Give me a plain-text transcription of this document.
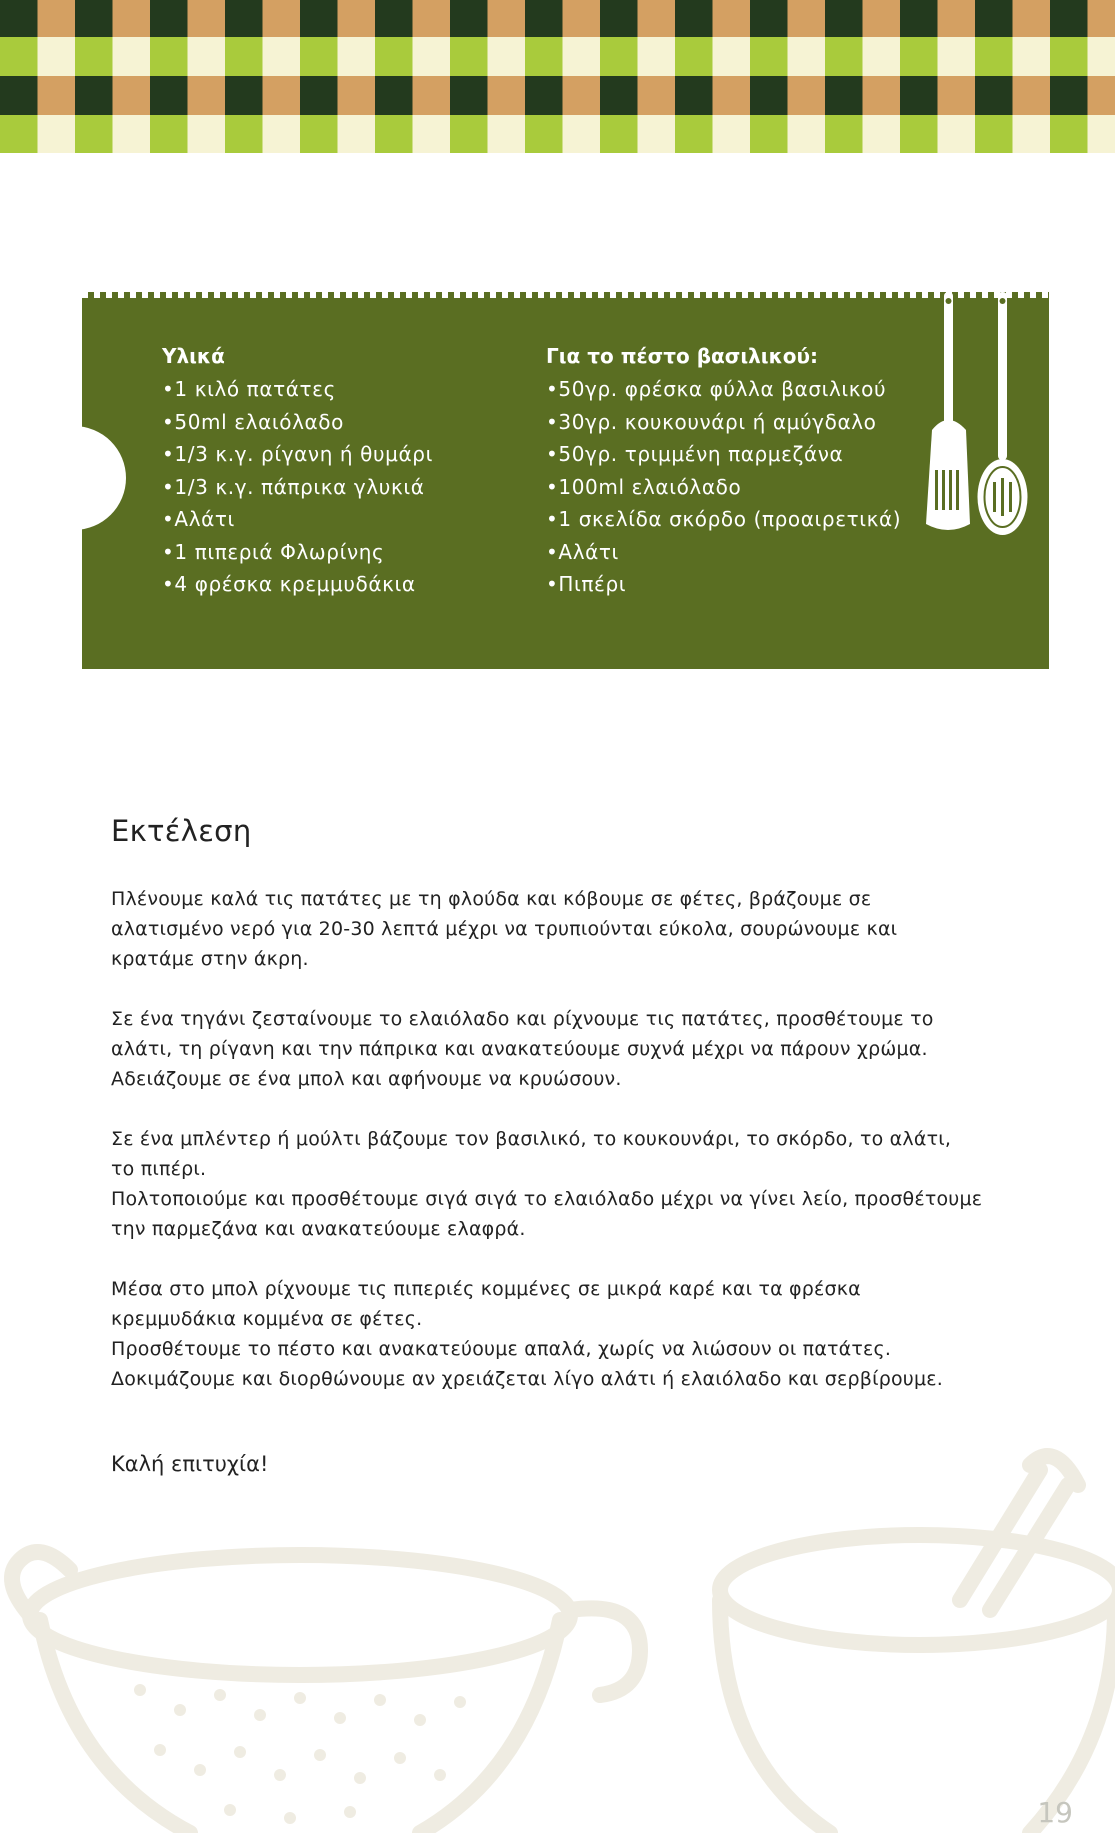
Υλικά
• 1 κιλό πατάτες
• 50ml ελαιόλαδο
• 1/3 κ.γ. ρίγανη ή θυμάρι
• 1/3 κ.γ. πάπρικα γλυκιά
• Αλάτι
• 1 πιπεριά Φλωρίνης
• 4 φρέσκα κρεμμυδάκια
Για το πέστο βασιλικού:
• 50γρ. φρέσκα φύλλα βασιλικού
• 30γρ. κουκουνάρι ή αμύγδαλο
• 50γρ. τριμμένη παρμεζάνα
• 100ml ελαιόλαδο
• 1 σκελίδα σκόρδο (προαιρετικά)
• Αλάτι
• Πιπέρι
Εκτέλεση

Πλένουμε καλά τις πατάτες με τη φλούδα και κόβουμε σε φέτες, βράζουμε σε
αλατισμένο νερό για 20-30 λεπτά μέχρι να τρυπιούνται εύκολα, σουρώνουμε και
κρατάμε στην άκρη.

Σε ένα τηγάνι ζεσταίνουμε το ελαιόλαδο και ρίχνουμε τις πατάτες, προσθέτουμε το
αλάτι, τη ρίγανη και την πάπρικα και ανακατεύουμε συχνά μέχρι να πάρουν χρώμα.
Αδειάζουμε σε ένα μπολ και αφήνουμε να κρυώσουν.

Σε ένα μπλέντερ ή μούλτι βάζουμε τον βασιλικό, το κουκουνάρι, το σκόρδο, το αλάτι,
το πιπέρι.
Πολτοποιούμε και προσθέτουμε σιγά σιγά το ελαιόλαδο μέχρι να γίνει λείο, προσθέτουμε
την παρμεζάνα και ανακατεύουμε ελαφρά.

Μέσα στο μπολ ρίχνουμε τις πιπεριές κομμένες σε μικρά καρέ και τα φρέσκα
κρεμμυδάκια κομμένα σε φέτες.
Προσθέτουμε το πέστο και ανακατεύουμε απαλά, χωρίς να λιώσουν οι πατάτες.
Δοκιμάζουμε και διορθώνουμε αν χρειάζεται λίγο αλάτι ή ελαιόλαδο και σερβίρουμε.

Καλή επιτυχία!

19
